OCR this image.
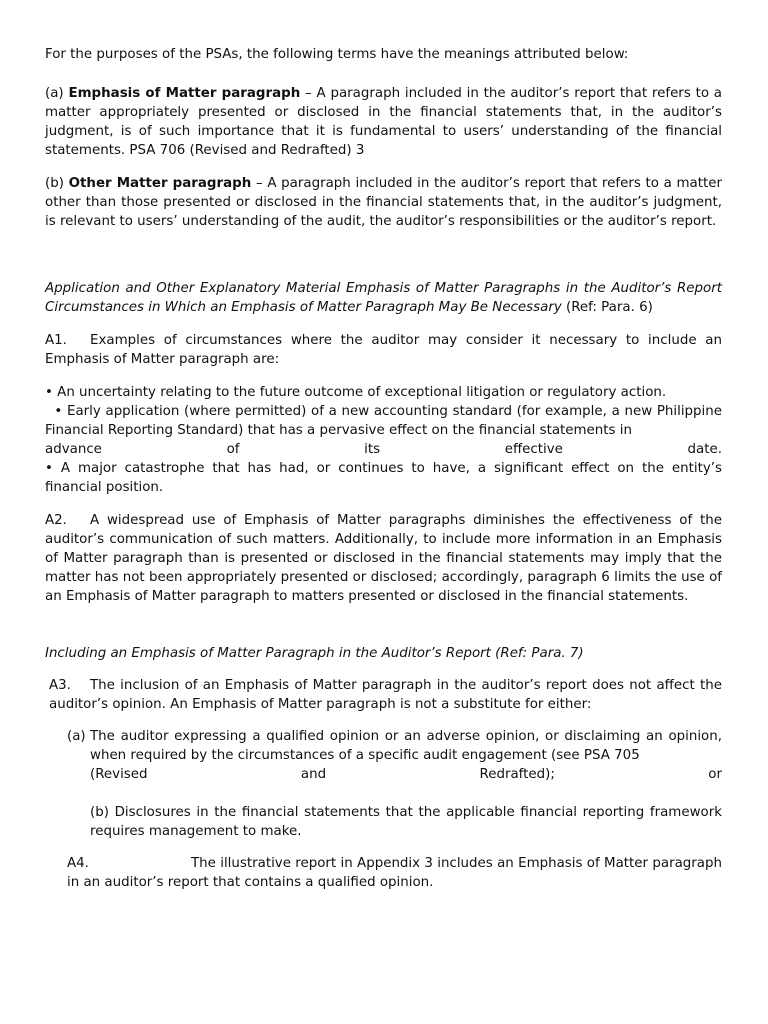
For the purposes of the PSAs, the following terms have the meanings attributed below:

(a) Emphasis of Matter paragraph – A paragraph included in the auditor’s report that refers to a matter appropriately presented or disclosed in the financial statements that, in the auditor’s judgment, is of such importance that it is fundamental to users’ understanding of the financial statements. PSA 706 (Revised and Redrafted) 3

(b) Other Matter paragraph – A paragraph included in the auditor’s report that refers to a matter other than those presented or disclosed in the financial statements that, in the auditor’s judgment, is relevant to users’ understanding of the audit, the auditor’s responsibilities or the auditor’s report.

Application and Other Explanatory Material Emphasis of Matter Paragraphs in the Auditor’s Report Circumstances in Which an Emphasis of Matter Paragraph May Be Necessary (Ref: Para. 6)

A1. Examples of circumstances where the auditor may consider it necessary to include an Emphasis of Matter paragraph are:

• An uncertainty relating to the future outcome of exceptional litigation or regulatory action.

• Early application (where permitted) of a new accounting standard (for example, a new Philippine Financial Reporting Standard) that has a pervasive effect on the financial statements in

advance of its effective date.

• A major catastrophe that has had, or continues to have, a significant effect on the entity’s financial position.

A2. A widespread use of Emphasis of Matter paragraphs diminishes the effectiveness of the auditor’s communication of such matters. Additionally, to include more information in an Emphasis of Matter paragraph than is presented or disclosed in the financial statements may imply that the matter has not been appropriately presented or disclosed; accordingly, paragraph 6 limits the use of an Emphasis of Matter paragraph to matters presented or disclosed in the financial statements.

Including an Emphasis of Matter Paragraph in the Auditor’s Report (Ref: Para. 7)

A3. The inclusion of an Emphasis of Matter paragraph in the auditor’s report does not affect the auditor’s opinion. An Emphasis of Matter paragraph is not a substitute for either:

(a) The auditor expressing a qualified opinion or an adverse opinion, or disclaiming an opinion, when required by the circumstances of a specific audit engagement (see PSA 705

(Revised and Redrafted); or

(b) Disclosures in the financial statements that the applicable financial reporting framework requires management to make.

A4.	The illustrative report in Appendix 3 includes an Emphasis of Matter paragraph in an auditor’s report that contains a qualified opinion.
